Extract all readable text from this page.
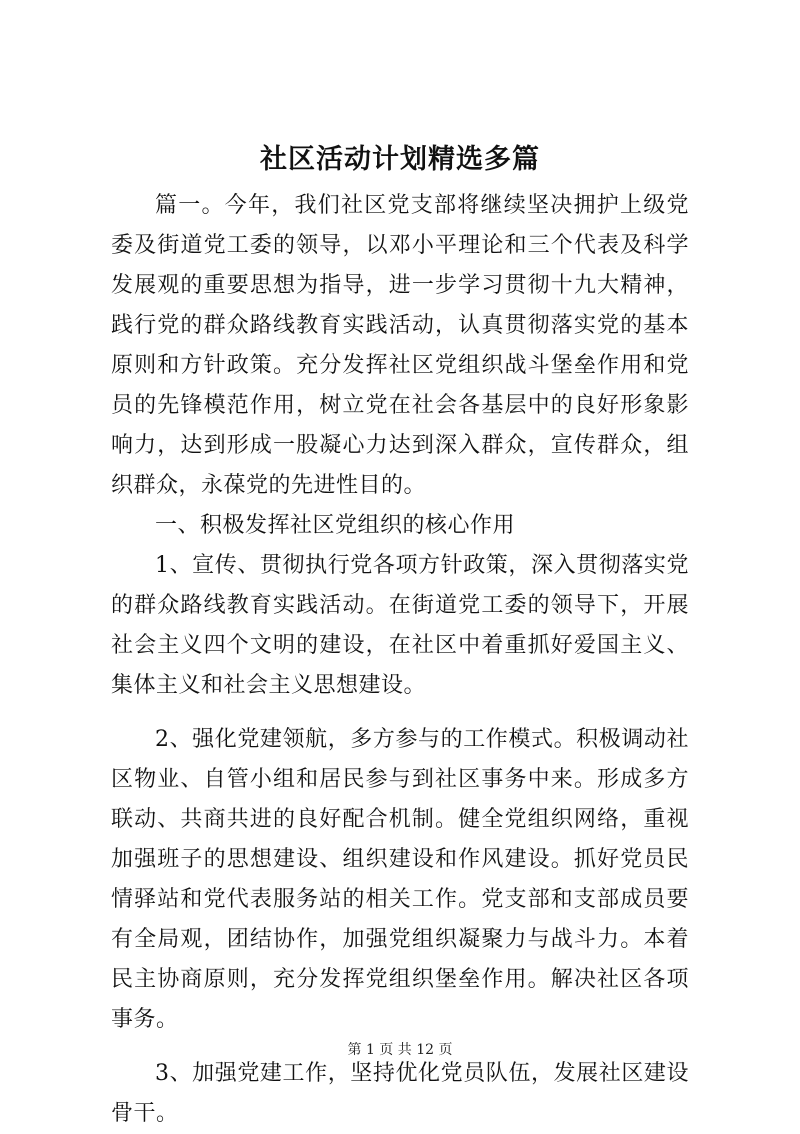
社区活动计划精选多篇

篇一。今年，我们社区党支部将继续坚决拥护上级党委及街道党工委的领导，以邓小平理论和三个代表及科学发展观的重要思想为指导，进一步学习贯彻十九大精神，践行党的群众路线教育实践活动，认真贯彻落实党的基本原则和方针政策。充分发挥社区党组织战斗堡垒作用和党员的先锋模范作用，树立党在社会各基层中的良好形象影响力，达到形成一股凝心力达到深入群众，宣传群众，组织群众，永葆党的先进性目的。

一、积极发挥社区党组织的核心作用

1、宣传、贯彻执行党各项方针政策，深入贯彻落实党的群众路线教育实践活动。在街道党工委的领导下，开展社会主义四个文明的建设，在社区中着重抓好爱国主义、集体主义和社会主义思想建设。

2、强化党建领航，多方参与的工作模式。积极调动社区物业、自管小组和居民参与到社区事务中来。形成多方联动、共商共进的良好配合机制。健全党组织网络，重视加强班子的思想建设、组织建设和作风建设。抓好党员民情驿站和党代表服务站的相关工作。党支部和支部成员要有全局观，团结协作，加强党组织凝聚力与战斗力。本着民主协商原则，充分发挥党组织堡垒作用。解决社区各项事务。

3、加强党建工作，坚持优化党员队伍，发展社区建设骨干。

第 1 页 共 12 页
